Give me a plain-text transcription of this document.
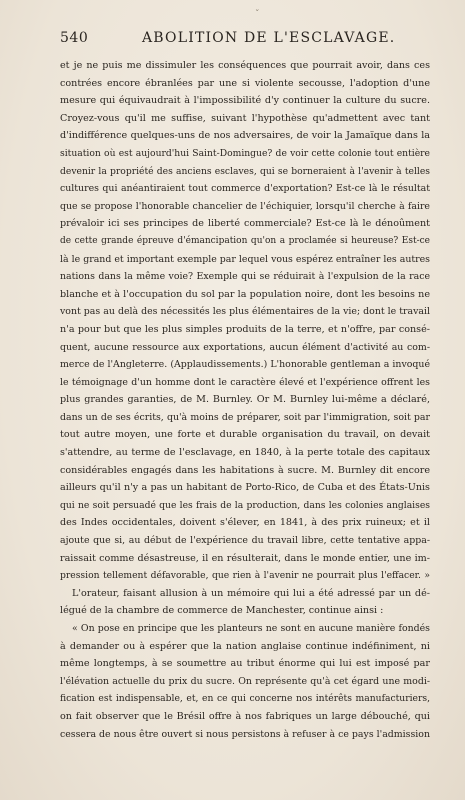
ˇ
540	ABOLITION DE L'ESCLAVAGE.
et je ne puis me dissimuler les conséquences que pourrait avoir, dans ces
contrées encore ébranlées par une si violente secousse, l'adoption d'une
mesure qui équivaudrait à l'impossibilité d'y continuer la culture du sucre.
Croyez-vous qu'il me suffise, suivant l'hypothèse qu'admettent avec tant
d'indifférence quelques-uns de nos adversaires, de voir la Jamaïque dans la
situation où est aujourd'hui Saint-Domingue? de voir cette colonie tout entière
devenir la propriété des anciens esclaves, qui se borneraient à l'avenir à telles
cultures qui anéantiraient tout commerce d'exportation? Est-ce là le résultat
que se propose l'honorable chancelier de l'échiquier, lorsqu'il cherche à faire
prévaloir ici ses principes de liberté commerciale? Est-ce là le dénoûment
de cette grande épreuve d'émancipation qu'on a proclamée si heureuse? Est-ce
là le grand et important exemple par lequel vous espérez entraîner les autres
nations dans la même voie? Exemple qui se réduirait à l'expulsion de la race
blanche et à l'occupation du sol par la population noire, dont les besoins ne
vont pas au delà des nécessités les plus élémentaires de la vie; dont le travail
n'a pour but que les plus simples produits de la terre, et n'offre, par consé-
quent, aucune ressource aux exportations, aucun élément d'activité au com-
merce de l'Angleterre. (Applaudissements.) L'honorable gentleman a invoqué
le témoignage d'un homme dont le caractère élevé et l'expérience offrent les
plus grandes garanties, de M. Burnley. Or M. Burnley lui-même a déclaré,
dans un de ses écrits, qu'à moins de préparer, soit par l'immigration, soit par
tout autre moyen, une forte et durable organisation du travail, on devait
s'attendre, au terme de l'esclavage, en 1840, à la perte totale des capitaux
considérables engagés dans les habitations à sucre. M. Burnley dit encore
ailleurs qu'il n'y a pas un habitant de Porto-Rico, de Cuba et des États-Unis
qui ne soit persuadé que les frais de la production, dans les colonies anglaises
des Indes occidentales, doivent s'élever, en 1841, à des prix ruineux; et il
ajoute que si, au début de l'expérience du travail libre, cette tentative appa-
raissait comme désastreuse, il en résulterait, dans le monde entier, une im-
pression tellement défavorable, que rien à l'avenir ne pourrait plus l'effacer. »
L'orateur, faisant allusion à un mémoire qui lui a été adressé par un dé-
légué de la chambre de commerce de Manchester, continue ainsi :
« On pose en principe que les planteurs ne sont en aucune manière fondés
à demander ou à espérer que la nation anglaise continue indéfiniment, ni
même longtemps, à se soumettre au tribut énorme qui lui est imposé par
l'élévation actuelle du prix du sucre. On représente qu'à cet égard une modi-
fication est indispensable, et, en ce qui concerne nos intérêts manufacturiers,
on fait observer que le Brésil offre à nos fabriques un large débouché, qui
cessera de nous être ouvert si nous persistons à refuser à ce pays l'admission
